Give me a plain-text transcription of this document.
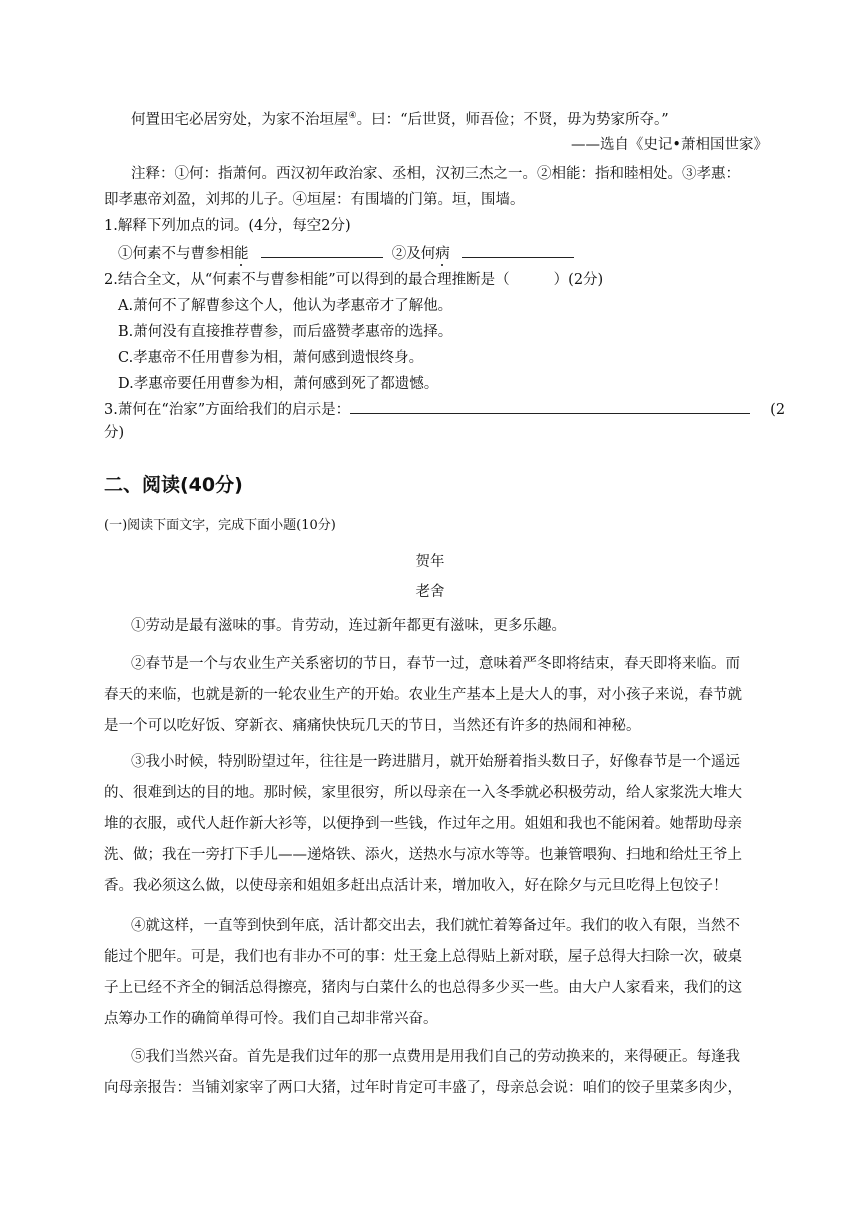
何置田宅必居穷处，为家不治垣屋④。曰：“后世贤，师吾俭；不贤，毋为势家所夺。”
——选自《史记•萧相国世家》
注释：①何：指萧何。西汉初年政治家、丞相，汉初三杰之一。②相能：指和睦相处。③孝惠：
即孝惠帝刘盈，刘邦的儿子。④垣屋：有围墙的门第。垣，围墙。
1.解释下列加点的词。(4分，每空2分)
①何素不与曹参相能	②及何病
2.结合全文，从“何素不与曹参相能”可以得到的最合理推断是（	）(2分)
A.萧何不了解曹参这个人，他认为孝惠帝才了解他。
B.萧何没有直接推荐曹参，而后盛赞孝惠帝的选择。
C.孝惠帝不任用曹参为相，萧何感到遗恨终身。
D.孝惠帝要任用曹参为相，萧何感到死了都遗憾。
3.萧何在“治家”方面给我们的启示是：	(2
分)
二、阅读(40分)
(一)阅读下面文字，完成下面小题(10分)
贺年
老舍
①劳动是最有滋味的事。肯劳动，连过新年都更有滋味，更多乐趣。
②春节是一个与农业生产关系密切的节日，春节一过，意味着严冬即将结束，春天即将来临。而
春天的来临，也就是新的一轮农业生产的开始。农业生产基本上是大人的事，对小孩子来说，春节就
是一个可以吃好饭、穿新衣、痛痛快快玩几天的节日，当然还有许多的热闹和神秘。
③我小时候，特别盼望过年，往往是一跨进腊月，就开始掰着指头数日子，好像春节是一个遥远
的、很难到达的目的地。那时候，家里很穷，所以母亲在一入冬季就必积极劳动，给人家浆洗大堆大
堆的衣服，或代人赶作新大衫等，以便挣到一些钱，作过年之用。姐姐和我也不能闲着。她帮助母亲
洗、做；我在一旁打下手儿——递烙铁、添火，送热水与凉水等等。也兼管喂狗、扫地和给灶王爷上
香。我必须这么做，以使母亲和姐姐多赶出点活计来，增加收入，好在除夕与元旦吃得上包饺子！
④就这样，一直等到快到年底，活计都交出去，我们就忙着筹备过年。我们的收入有限，当然不
能过个肥年。可是，我们也有非办不可的事：灶王龛上总得贴上新对联，屋子总得大扫除一次，破桌
子上已经不齐全的铜活总得擦亮，猪肉与白菜什么的也总得多少买一些。由大户人家看来，我们的这
点筹办工作的确简单得可怜。我们自己却非常兴奋。
⑤我们当然兴奋。首先是我们过年的那一点费用是用我们自己的劳动换来的，来得硬正。每逢我
向母亲报告：当铺刘家宰了两口大猪，过年时肯定可丰盛了，母亲总会说：咱们的饺子里菜多肉少，
